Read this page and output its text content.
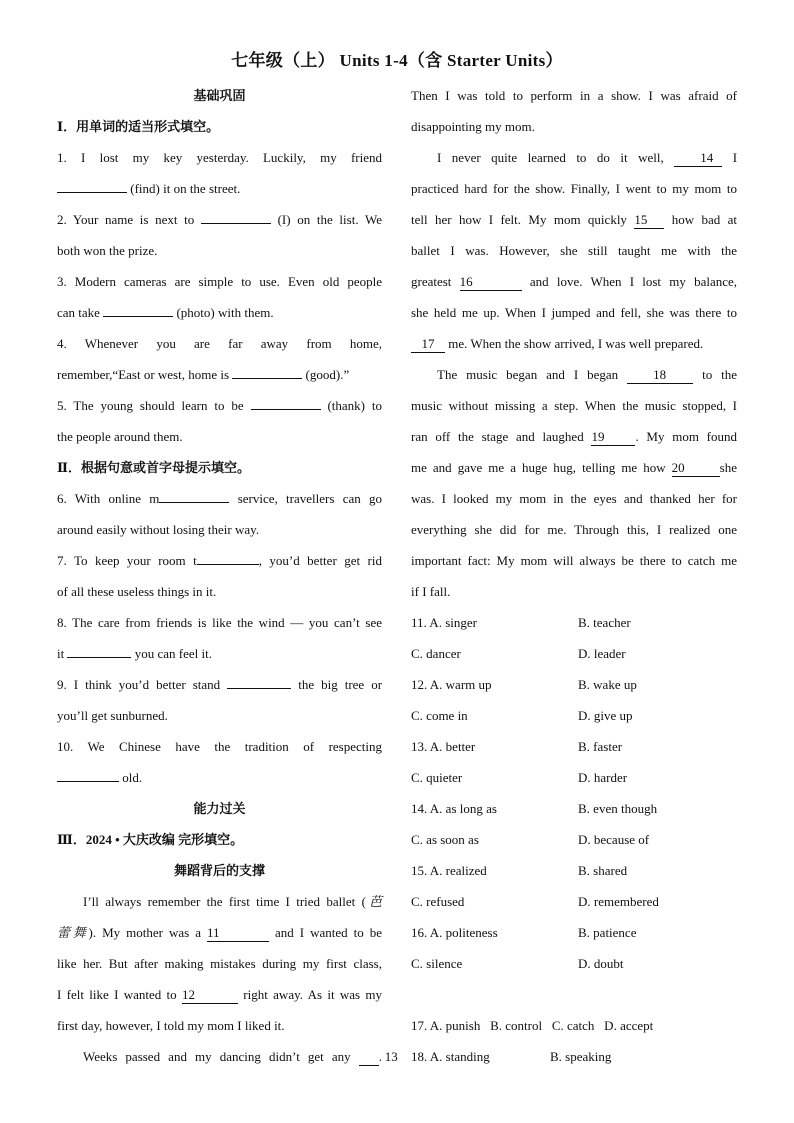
七年级（上） Units 1-4（含 Starter Units）
基础巩固
Ⅰ．用单词的适当形式填空。
1. I lost my key yesterday. Luckily, my friend
(find) it on the street.
2. Your name is next to	(I) on the list. We
both won the prize.
3. Modern cameras are simple to use. Even old people
can take	(photo) with them.
4. Whenever you are far away from home,
remember,“East or west, home is	(good).”
5. The young should learn to be	(thank) to
the people around them.
Ⅱ．根据句意或首字母提示填空。
6. With online m	service, travellers can go
around easily without losing their way.
7. To keep your room t	, you’d better get rid
of all these useless things in it.
8. The care from friends is like the wind — you can’t see
it	you can feel it.
9. I think you’d better stand	the big tree or
you’ll get sunburned.
10. We Chinese have the tradition of respecting
old.
能力过关
Ⅲ．2024 • 大庆改编 完形填空。
舞蹈背后的支撑
I’ll always remember the first time I tried ballet (芭
蕾舞). My mother was a 11	and I wanted to be
like her. But after making mistakes during my first class,
I felt like I wanted to 12	right away. As it was my
first day, however, I told my mom I liked it.
Weeks passed and my dancing didn’t get any	13.
Then I was told to perform in a show. I was afraid of
disappointing my mom.
I never quite learned to do it well,	14 I
practiced hard for the show. Finally, I went to my mom to
tell her how I felt. My mom quickly 15 how bad at
ballet I was. However, she still taught me with the
greatest 16	and love. When I lost my balance,
she held me up. When I jumped and fell, she was there to
17 me. When the show arrived, I was well prepared.
The music began and I began	18	to the
music without missing a step. When the music stopped, I
ran off the stage and laughed 19 . My mom found
me and gave me a huge hug, telling me how 20	she
was. I looked my mom in the eyes and thanked her for
everything she did for me. Through this, I realized one
important fact: My mom will always be there to catch me
if I fall.
11. A. singer	B. teacher
C. dancer	D. leader
12. A. warm up	B. wake up
C. come in	D. give up
13. A. better	B. faster
C. quieter	D. harder
14. A. as long as	B. even though
C. as soon as	D. because of
15. A. realized	B. shared
C. refused	D. remembered
16. A. politeness	B. patience
C. silence	D. doubt
17. A. punish   B. control   C. catch   D. accept
18. A. standing	B. speaking
